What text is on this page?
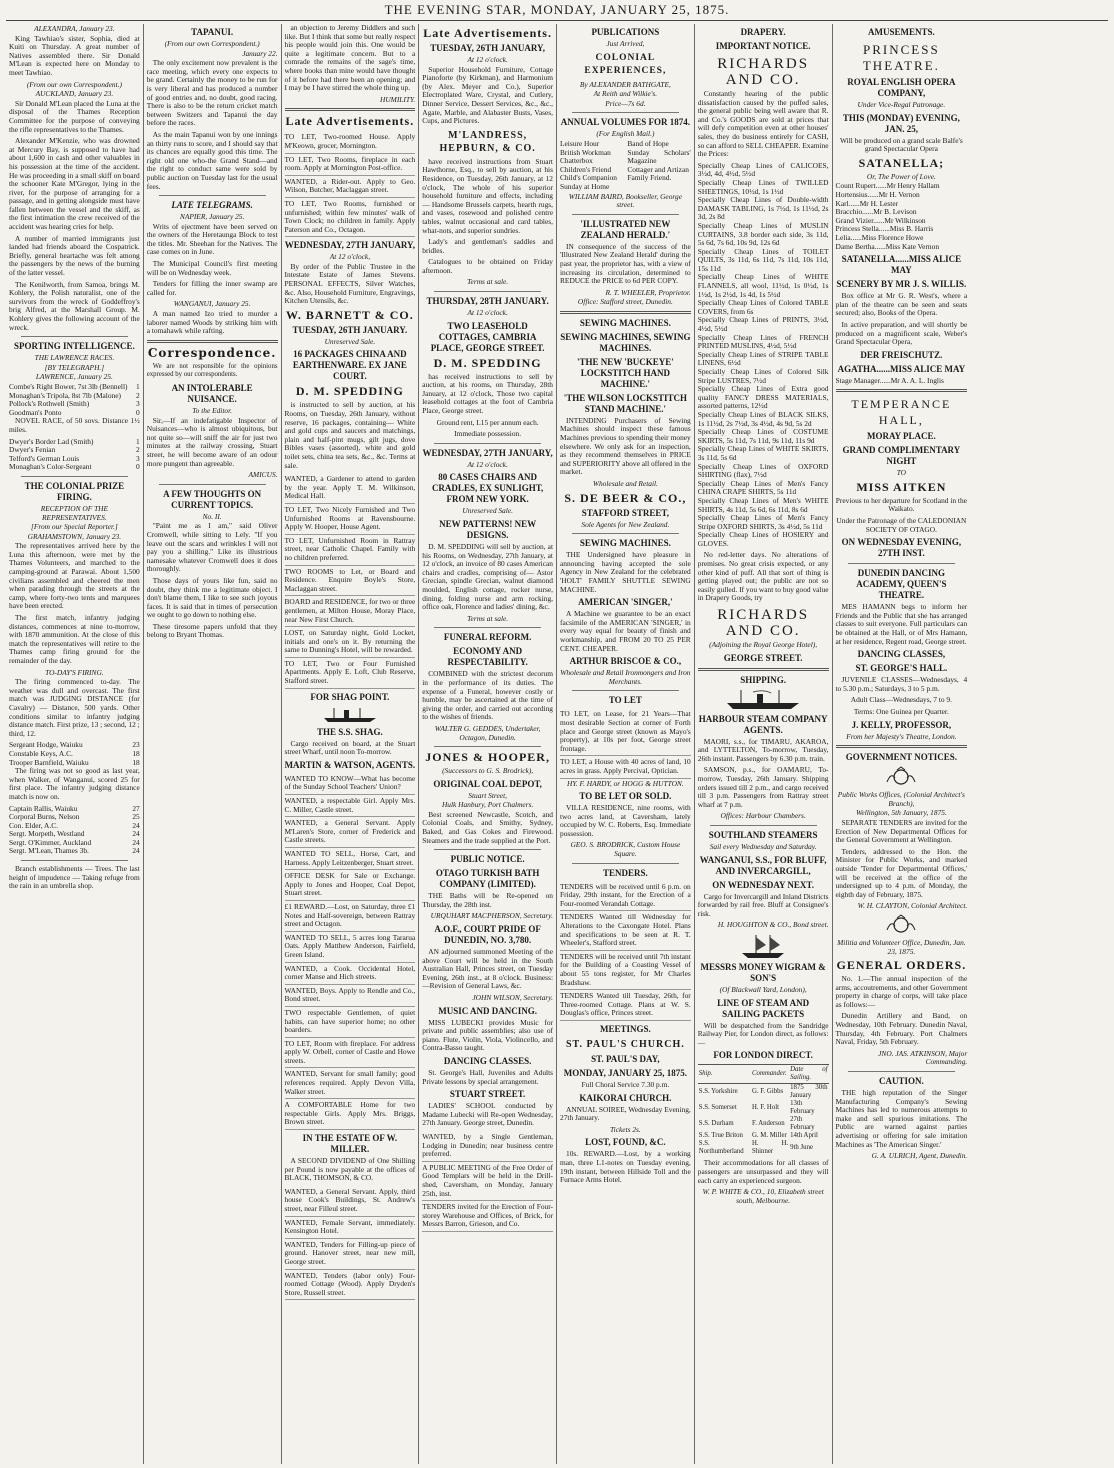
THE EVENING STAR, MONDAY, JANUARY 25, 1875.
ALEXANDRA, January 23.

King Tawhiao's sister, Sophia, died at Kuiti on Thursday. A great number of Natives assembled there. Sir Donald M'Lean is expected here on Monday to meet Tawhiao.

(From our own Correspondent.)
AUCKLAND, January 23.

Sir Donald M'Lean placed the Luna at the disposal of the Thames Reception Committee for the purpose of conveying the rifle representatives to the Thames.

Alexander M'Kenzie, who was drowned at Mercury Bay, is supposed to have had about 1,600 in cash and other valuables in his possession at the time of the accident. He was proceeding in a small skiff on board the schooner Kate M'Gregor, lying in the river, for the purpose of arranging for a passage, and in getting alongside must have fallen between the vessel and the skiff, as the first intimation the crew received of the accident was hearing cries for help.

A number of married immigrants just landed had friends aboard the Cospatrick. Briefly, general heartache was felt among the passengers by the news of the burning of the latter vessel.

The Kenilworth, from Samoa, brings M. Kohlery, the Polish naturalist, one of the survivors from the wreck of Goddeffroy's brig Alfred, at the Marshall Group. M. Kohlery gives the following account of the wreck.

SPORTING INTELLIGENCE.
THE LAWRENCE RACES.
[BY TELEGRAPH.]
LAWRENCE, January 25.
Combe's Right Bower, 7st 3lb (Bennell) 1
Monaghan's Tripola, 8st 7lb (Malone) 2
Pollock's Rothwell (Smith)	3
Goodman's Ponto	0

NOVEL RACE, of 50 sovs. Distance 1½ miles.

Dwyer's Border Lad (Smith)	1
Dwyer's Fenian	2
Telford's German Louis	3
Monaghan's Color-Sergeant	0
THE COLONIAL PRIZE FIRING.
RECEPTION OF THE REPRESENTATIVES.
[From our Special Reporter.]
GRAHAMSTOWN, January 23.

The representatives arrived here by the Luna this afternoon, were met by the Thames Volunteers, and marched to the camping-ground at Parawai. About 1,500 civilians assembled and cheered the men when parading through the streets at the camp, where forty-two tents and marquees have been erected.

The first match, infantry judging distances, commences at nine to-morrow, with 1870 ammunition. At the close of this match the representatives will retire to the Thames camp firing ground for the remainder of the day.

TO-DAY'S FIRING.

The firing commenced to-day. The weather was dull and overcast. The first match was JUDGING DISTANCE (for Cavalry) — Distance, 500 yards. Other conditions similar to infantry judging distance match. First prize, 13 ; second, 12 ; third, 12.

Sergeant Hodge, Waiuku	23
Constable Keys, A.C.	18
Trooper Barnfield, Waiuku	18

The firing was not so good as last year, when Walker, of Wanganui, scored 25 for first place. The infantry judging distance match is now on.

Captain Rallis, Waiuku	27
Corporal Burns, Nelson	25
Con. Elder, A.C.	24
Sergt. Morpeth, Westland	24
Sergt. O'Kimmer, Auckland	24
Sergt. M'Lean, Thames 3b.	24

Branch establishments — Trees. The last height of impudence — Taking refuge from the rain in an umbrella shop.

TAPANUI.
(From our own Correspondent.)
January 22.

The only excitement now prevalent is the race meeting, which every one expects to be grand. Certainly the money to be run for is very liberal and has produced a number of good entries and, no doubt, good racing. There is also to be the return cricket match between Switzers and Tapanui the day before the races.

As the main Tapanui won by one innings an thirty runs to score, and I should say that its chances are equally good this time. The right old one who-the Grand Stand—and the right to conduct same were sold by public auction on Tuesday last for the usual fees.

LATE TELEGRAMS.
NAPIER, January 25.

Writs of ejectment have been served on the owners of the Heretaunga Block to test the titles. Mr. Sheehan for the Natives. The case comes on in June.

The Municipal Council's first meeting will be on Wednesday week.

Tenders for filling the inner swamp are called for.

WANGANUI, January 25.

A man named Izo tried to murder a laborer named Woods by striking him with a tomahawk while rafting.

Correspondence.

We are not responsible for the opinions expressed by our correspondents.

AN INTOLERABLE NUISANCE.
To the Editor.

Sir,—If an indefatigable Inspector of Nuisances—who is almost ubiquitous, but not quite so—will sniff the air for just two minutes at the railway crossing, Stuart street, he will become aware of an odour more pungent than agreeable.

AMICUS.
A FEW THOUGHTS ON CURRENT TOPICS.
No. II.

"Paint me as I am," said Oliver Cromwell, while sitting to Lely. "If you leave out the scars and wrinkles I will not pay you a shilling." Like its illustrious namesake whatever Cromwell does it does thoroughly.

Those days of yours like fun, said no doubt, they think me a legitimate object. I don't blame them, I like to see such joyous faces. It is said that in times of persecution we ought to go down to nothing else.

These tiresome papers unfold that they belong to Bryant Thomas.

an objection to Jeremy Diddlers and such like. But I think that some but really respect his people would join this. One would be quite a legitimate concern. But to a comrade the remains of the sage's time, where books than mine would have thought of it before had there been an opening; and I may be I have stirred the whole thing up.

HUMILITY.
Late Advertisements.
TO LET, Two-roomed House. Apply M'Keown, grocer, Mornington.
TO LET, Two Rooms, fireplace in each room. Apply at Mornington Post-office.
WANTED, a Rider-out. Apply to Geo. Wilson, Butcher, Maclaggan street.
TO LET, Two Rooms, furnished or unfurnished; within few minutes' walk of Town Clock; no children in family. Apply Paterson and Co., Octagon.
WEDNESDAY, 27TH JANUARY,
At 12 o'clock,

By order of the Public Trustee in the Intestate Estate of James Stevens. PERSONAL EFFECTS, Silver Watches, &c. Also, Household Furniture, Engravings, Kitchen Utensils, &c.

W. BARNETT & CO.
TUESDAY, 26TH JANUARY.
Unreserved Sale.
16 PACKAGES CHINA AND EARTHENWARE. EX JANE COURT.
D. M. SPEDDING

is instructed to sell by auction, at his Rooms, on Tuesday, 26th January, without reserve, 16 packages, containing— White and gold cups and saucers and matchings, plain and half-pint mugs, gilt jugs, dove Bibles vases (assorted), white and gold toilet sets, china tea sets, &c., &c. Terms at sale.

WANTED, a Gardener to attend to garden by the year. Apply T. M. Wilkinson, Medical Hall.
TO LET, Two Nicely Furnished and Two Unfurnished Rooms at Ravensbourne. Apply W. Hooper, House Agent.
TO LET, Unfurnished Room in Rattray street, near Catholic Chapel. Family with no children preferred.
TWO ROOMS to Let, or Board and Residence. Enquire Boyle's Store, Maclaggan street.
BOARD and RESIDENCE, for two or three gentlemen, at Milton House, Moray Place, near New First Church.
LOST, on Saturday night, Gold Locket, initials and one's on it. By returning the same to Dunning's Hotel, will be rewarded.
TO LET, Two or Four Furnished Apartments. Apply E. Loft, Club Reserve, Stafford street.
FOR SHAG POINT.
THE S.S. SHAG.

Cargo received on board, at the Stuart street Wharf, until noon To-morrow.

MARTIN & WATSON, AGENTS.
WANTED TO KNOW—What has become of the Sunday School Teachers' Union?
WANTED, a respectable Girl. Apply Mrs. C. Miller, Castle street.
WANTED, a General Servant. Apply M'Laren's Store, corner of Frederick and Castle streets.
WANTED TO SELL, Horse, Cart, and Harness. Apply Leitzenberger, Stuart street.
OFFICE DESK for Sale or Exchange. Apply to Jones and Hooper, Coal Depot, Stuart street.
£1 REWARD.—Lost, on Saturday, three £1 Notes and Half-sovereign, between Rattray street and Octagon.
WANTED TO SELL, 5 acres long Tararua Oats. Apply Matthew Anderson, Fairfield, Green Island.
WANTED, a Cook. Occidental Hotel, corner Manse and Hich streets.
WANTED, Boys. Apply to Rendle and Co., Bond street.
TWO respectable Gentlemen, of quiet habits, can have superior home; no other boarders.
TO LET, Room with fireplace. For address apply W. Orbell, corner of Castle and Howe streets.
WANTED, Servant for small family; good references required. Apply Devon Villa, Walker street.
A COMFORTABLE Home for two respectable Girls. Apply Mrs. Briggs, Brown street.
IN THE ESTATE OF W. MILLER.

A SECOND DIVIDEND of One Shilling per Pound is now payable at the offices of BLACK, THOMSON, & CO.

WANTED, a General Servant. Apply, third house Cook's Buildings, St. Andrew's street, near Filleul street.
WANTED, Female Servant, immediately. Kensington Hotel.
WANTED, Tenders for Filling-up piece of ground. Hanover street, near new mill, George street.
WANTED, Tenders (labor only) Four-roomed Cottage (Wood). Apply Dryden's Store, Russell street.
Late Advertisements.
TUESDAY, 26TH JANUARY,
At 12 o'clock.

Superior Household Furniture, Cottage Pianoforte (by Kirkman), and Harmonium (by Alex. Meyer and Co.), Superior Electroplated Ware, Crystal, and Cutlery, Dinner Service, Dessert Services, &c., &c., Agate, Marble, and Alabaster Busts, Vases, Cups, and Pictures.

M'LANDRESS, HEPBURN, & CO.

have received instructions from Stuart Hawthorne, Esq., to sell by auction, at his Residence, on Tuesday, 26th January, at 12 o'clock, The whole of his superior household furniture and effects, including— Handsome Brussels carpets, hearth rugs, and vases, rosewood and polished centre tables, walnut occasional and card tables, what-nots, and superior sundries.

Lady's and gentleman's saddles and bridles.

Catalogues to be obtained on Friday afternoon.

Terms at sale.
THURSDAY, 28TH JANUARY.
At 12 o'clock.
TWO LEASEHOLD COTTAGES, CAMBRIA PLACE, GEORGE STREET.
D. M. SPEDDING

has received instructions to sell by auction, at his rooms, on Thursday, 28th January, at 12 o'clock, Those two capital leasehold cottages at the foot of Cambria Place, George street.

Ground rent, L15 per annum each.

Immediate possession.

WEDNESDAY, 27TH JANUARY,
At 12 o'clock.
80 CASES CHAIRS AND CRADLES, EX SUNLIGHT, FROM NEW YORK.
Unreserved Sale.
NEW PATTERNS! NEW DESIGNS.

D. M. SPEDDING will sell by auction, at his Rooms, on Wednesday, 27th January, at 12 o'clock, an invoice of 80 cases American chairs and cradles, comprising of— Astor Grecian, spindle Grecian, walnut diamond moulded, English cottage, rocker nurse, dining, folding nurse and arm rocking, office oak, Florence and ladies' dining, &c.

Terms at sale.
FUNERAL REFORM.
ECONOMY AND RESPECTABILITY.

COMBINED with the strictest decorum in the performance of its duties. The expense of a Funeral, however costly or humble, may be ascertained at the time of giving the order, and carried out according to the wishes of friends.

WALTER G. GEDDES, Undertaker, Octagon, Dunedin.
JONES & HOOPER,
(Successors to G. S. Brodrick),
ORIGINAL COAL DEPOT,
Stuart Street,
Hulk Hanbury, Port Chalmers.

Best screened Newcastle, Scotch, and Colonial Coals, and Smithy, Sydney, Baked, and Gas Cokes and Firewood. Steamers and the trade supplied at the Port.

PUBLIC NOTICE.
OTAGO TURKISH BATH COMPANY (LIMITED).

THE Baths will be Re-opened on Thursday, the 28th inst.

URQUHART MACPHERSON, Secretary.
A.O.F., COURT PRIDE OF DUNEDIN, NO. 3,780.

AN adjourned summoned Meeting of the above Court will be held in the South Australian Hall, Princes street, on Tuesday Evening, 26th inst., at 8 o'clock. Business:—Revision of General Laws, &c.

JOHN WILSON, Secretary.
MUSIC AND DANCING.

MISS LUBECKI provides Music for private and public assemblies; also use of piano. Flute, Violin, Viola, Violincello, and Contra-Basso taught.

DANCING CLASSES.

St. George's Hall, Juveniles and Adults Private lessons by special arrangement.

STUART STREET.

LADIES' SCHOOL conducted by Madame Lubecki will Re-open Wednesday, 27th January. George street, Dunedin.

WANTED, by a Single Gentleman, Lodging in Dunedin; near business centre preferred.
A PUBLIC MEETING of the Free Order of Good Templars will be held in the Drill-shed, Caversham, on Monday, January 25th, inst.
TENDERS invited for the Erection of Four-storey Warehouse and Offices, of Brick, for Messrs Barron, Grieson, and Co.
PUBLICATIONS
Just Arrived,
COLONIAL EXPERIENCES,
By ALEXANDER BATHGATE,
At Reith and Wilkie's.
Price—7s 6d.
ANNUAL VOLUMES FOR 1874.
(For English Mail.)
Leisure Hour
British Workman
Chatterbox
Children's Friend
Child's Companion
Sunday at Home
Band of Hope
Sunday Scholars' Magazine
Cottager and Artizan
Family Friend.
WILLIAM BAIRD, Bookseller, George street.
'ILLUSTRATED NEW ZEALAND HERALD.'

IN consequence of the success of the 'Illustrated New Zealand Herald' during the past year, the proprietor has, with a view of increasing its circulation, determined to REDUCE the PRICE to 6d PER COPY.

R. T. WHEELER, Proprietor.
Office: Stafford street, Dunedin.
SEWING MACHINES.
SEWING MACHINES, SEWING MACHINES.
'THE NEW 'BUCKEYE' LOCKSTITCH HAND MACHINE.'
'THE WILSON LOCKSTITCH STAND MACHINE.'

INTENDING Purchasers of Sewing Machines should inspect these famous Machines previous to spending their money elsewhere. We only ask for an inspection, as they recommend themselves in PRICE and SUPERIORITY above all offered in the market.

Wholesale and Retail.
S. DE BEER & CO.,
STAFFORD STREET,
Sole Agents for New Zealand.
SEWING MACHINES.

THE Undersigned have pleasure in announcing having accepted the sole Agency in New Zealand for the celebrated 'HOLT' FAMILY SHUTTLE SEWING MACHINE.

AMERICAN 'SINGER,'

A Machine we guarantee to be an exact facsimile of the AMERICAN 'SINGER,' in every way equal for beauty of finish and workmanship, and FROM 20 TO 25 PER CENT. CHEAPER.

ARTHUR BRISCOE & CO.,
Wholesale and Retail Ironmongers and Iron Merchants.
TO LET
TO LET, on Lease, for 21 Years—That most desirable Section at corner of Forth place and George street (known as Mayo's property), at 10s per foot, George street frontage.
TO LET, a House with 40 acres of land, 10 acres in grass. Apply Percival, Optician.
HY. F. HARDY, or HOGG & HUTTON.
TO BE LET OR SOLD.

VILLA RESIDENCE, nine rooms, with two acres land, at Caversham, lately occupied by W. C. Roberts, Esq. Immediate possession.

GEO. S. BRODRICK, Custom House Square.
TENDERS.
TENDERS will be received until 6 p.m. on Friday, 29th instant, for the Erection of a Four-roomed Verandah Cottage.
TENDERS Wanted till Wednesday for Alterations to the Caxongate Hotel. Plans and specifications to be seen at R. T. Wheeler's, Stafford street.
TENDERS will be received until 7th instant for the Building of a Coasting Vessel of about 55 tons register, for Mr Charles Bradshaw.
TENDERS Wanted till Tuesday, 26th, for Three-roomed Cottage. Plans at W. S. Douglas's office, Princes street.
MEETINGS.
ST. PAUL'S CHURCH.
ST. PAUL'S DAY,
MONDAY, JANUARY 25, 1875.

Full Choral Service 7.30 p.m.

KAIKORAI CHURCH.

ANNUAL SOIREE, Wednesday Evening, 27th January.

Tickets 2s.
LOST, FOUND, &C.

10s. REWARD.—Lost, by a working man, three L1-notes on Tuesday evening, 19th instant, between Hillside Toll and the Furnace Arms Hotel.

DRAPERY.
IMPORTANT NOTICE.
RICHARDS AND CO.

Constantly hearing of the public dissatisfaction caused by the puffed sales, the general public being well aware that R. and Co.'s GOODS are sold at prices that will defy competition even at other houses' sales, they do business entirely for CASH, so can afford to SELL CHEAPER. Examine the Prices:

Specially Cheap Lines of CALICOES, 3½d, 4d, 4½d, 5½d
Specially Cheap Lines of TWILLED SHEETINGS, 10½d, 1s 1½d
Specially Cheap Lines of Double-width DAMASK TABLING, 1s 7½d, 1s 11½d, 2s 3d, 2s 8d
Specially Cheap Lines of MUSLIN CURTAINS, 3.8 border each side, 3s 11d, 5s 6d, 7s 6d, 10s 9d, 12s 6d
Specially Cheap Lines of TOILET QUILTS, 3s 11d, 6s 11d, 7s 11d, 10s 11d, 15s 11d
Specially Cheap Lines of WHITE FLANNELS, all wool, 11½d, 1s 0½d, 1s 1½d, 1s 2½d, 1s 4d, 1s 5½d
Specially Cheap Lines of Colored TABLE COVERS, from 6s
Specially Cheap Lines of PRINTS, 3½d, 4½d, 5½d
Specially Cheap Lines of FRENCH PRINTED MUSLINS, 4½d, 5½d
Specially Cheap Lines of STRIPE TABLE LINENS, 6½d
Specially Cheap Lines of Colored Silk Stripe LUSTRES, 7½d
Specially Cheap Lines of Extra good quality FANCY DRESS MATERIALS, assorted patterns, 12½d
Specially Cheap Lines of BLACK SILKS, 1s 11½d, 2s 7½d, 3s 4½d, 4s 9d, 5s 2d
Specially Cheap Lines of COSTUME SKIRTS, 5s 11d, 7s 11d, 9s 11d, 11s 9d
Specially Cheap Lines of WHITE SKIRTS, 3s 11d, 5s 6d
Specially Cheap Lines of OXFORD SHIRTING (flax), 7½d
Specially Cheap Lines of Men's Fancy CHINA CRAPE SHIRTS, 5s 11d
Specially Cheap Lines of Men's WHITE SHIRTS, 4s 11d, 5s 6d, 6s 11d, 8s 6d
Specially Cheap Lines of Men's Fancy Stripe OXFORD SHIRTS, 3s 4½d, 5s 11d
Specially Cheap Lines of HOSIERY and GLOVES.

No red-letter days. No alterations of premises. No great crisis expected, or any other kind of puff. All that sort of thing is getting played out; the public are not so easily gulled. If you want to buy good value in Drapery Goods, try

RICHARDS AND CO.
(Adjoining the Royal George Hotel),
GEORGE STREET.
SHIPPING.
HARBOUR STEAM COMPANY AGENTS.

MAORI, s.s., for TIMARU, AKAROA, and LYTTELTON, To-morrow, Tuesday, 26th instant. Passengers by 6.30 p.m. train.

SAMSON, p.s., for OAMARU, To-morrow, Tuesday, 26th January. Shipping orders issued till 2 p.m., and cargo received till 3 p.m. Passengers from Rattray street wharf at 7 p.m.

Offices: Harbour Chambers.
SOUTHLAND STEAMERS
Sail every Wednesday and Saturday.
WANGANUI, S.S., FOR BLUFF, AND INVERCARGILL,
ON WEDNESDAY NEXT.

Cargo for Invercargill and Inland Districts forwarded by rail free. Bluff at Consignee's risk.

H. HOUGHTON & CO., Bond street.
MESSRS MONEY WIGRAM & SON'S
(Of Blackwall Yard, London),
LINE OF STEAM AND SAILING PACKETS

Will be despatched from the Sandridge Railway Pier, for London direct, as follows:—

FOR LONDON DIRECT.
Ship.	Commander.	Date of Sailing.
S.S. Yorkshire	G. F. Gibbs	1875 30th January
S.S. Somerset	H. F. Holt	13th February
S.S. Durham	F. Anderson	27th February
S.S. True Briton	G. M. Miller	14th April
S.S. Northumberland	H. H. Shinner	9th June

Their accommodations for all classes of passengers are unsurpassed and they will each carry an experienced surgeon.

W. P. WHITE & CO., 10, Elizabeth street south, Melbourne.
AMUSEMENTS.
PRINCESS THEATRE.
ROYAL ENGLISH OPERA COMPANY,
Under Vice-Regal Patronage.
THIS (MONDAY) EVENING, JAN. 25,

Will be produced on a grand scale Balfe's grand Spectacular Opera

SATANELLA;
Or, The Power of Love.
Count Rupert......Mr Henry Hallam
Hortensius......Mr H. Vernon
Karl......Mr H. Lester
Bracchio......Mr B. Levison
Grand Vizier......Mr Wilkinson
Princess Stella......Miss B. Harris
Lelia......Miss Florence Howe
Dame Bertha......Miss Kate Vernon
SATANELLA......MISS ALICE MAY
SCENERY BY MR J. S. WILLIS.

Box office at Mr G. R. West's, where a plan of the theatre can be seen and seats secured; also, Books of the Opera.

In active preparation, and will shortly be produced on a magnificent scale, Weber's Grand Spectacular Opera,

DER FREISCHUTZ.
AGATHA......MISS ALICE MAY
Stage Manager......Mr A. A. L. Inglis
TEMPERANCE HALL,
MORAY PLACE.
GRAND COMPLIMENTARY NIGHT
TO
MISS AITKEN

Previous to her departure for Scotland in the Waikato.

Under the Patronage of the CALEDONIAN SOCIETY OF OTAGO.

ON WEDNESDAY EVENING, 27TH INST.
DUNEDIN DANCING ACADEMY, QUEEN'S THEATRE.

MES HAMANN begs to inform her Friends and the Public that she has arranged classes to suit everyone. Full particulars can be obtained at the Hall, or of Mrs Hamann, at her residence, Regent road, George street.

DANCING CLASSES,
ST. GEORGE'S HALL.

JUVENILE CLASSES—Wednesdays, 4 to 5.30 p.m.; Saturdays, 3 to 5 p.m.

Adult Class—Wednesdays, 7 to 9.

Terms: One Guinea per Quarter.

J. KELLY, PROFESSOR,
From her Majesty's Theatre, London.
GOVERNMENT NOTICES.
Public Works Offices, (Colonial Architect's Branch),
Wellington, 5th January, 1875.

SEPARATE TENDERS are invited for the Erection of New Departmental Offices for the General Government at Wellington.

Tenders, addressed to the Hon. the Minister for Public Works, and marked outside 'Tender for Departmental Offices,' will be received at the office of the undersigned up to 4 p.m. of Monday, the eighth day of February, 1875.

W. H. CLAYTON, Colonial Architect.
Militia and Volunteer Office, Dunedin, Jan. 23, 1875.
GENERAL ORDERS.

No. 1.—The annual inspection of the arms, accoutrements, and other Government property in charge of corps, will take place as follows:—

Dunedin Artillery and Band, on Wednesday, 10th February. Dunedin Naval, Thursday, 4th February. Port Chalmers Naval, Friday, 5th February.

JNO. JAS. ATKINSON, Major Commanding.
CAUTION.

THE high reputation of the Singer Manufacturing Company's Sewing Machines has led to numerous attempts to make and sell spurious imitations. The Public are warned against parties advertising or offering for sale imitation Machines as 'The American Singer.'

G. A. ULRICH, Agent, Dunedin.
